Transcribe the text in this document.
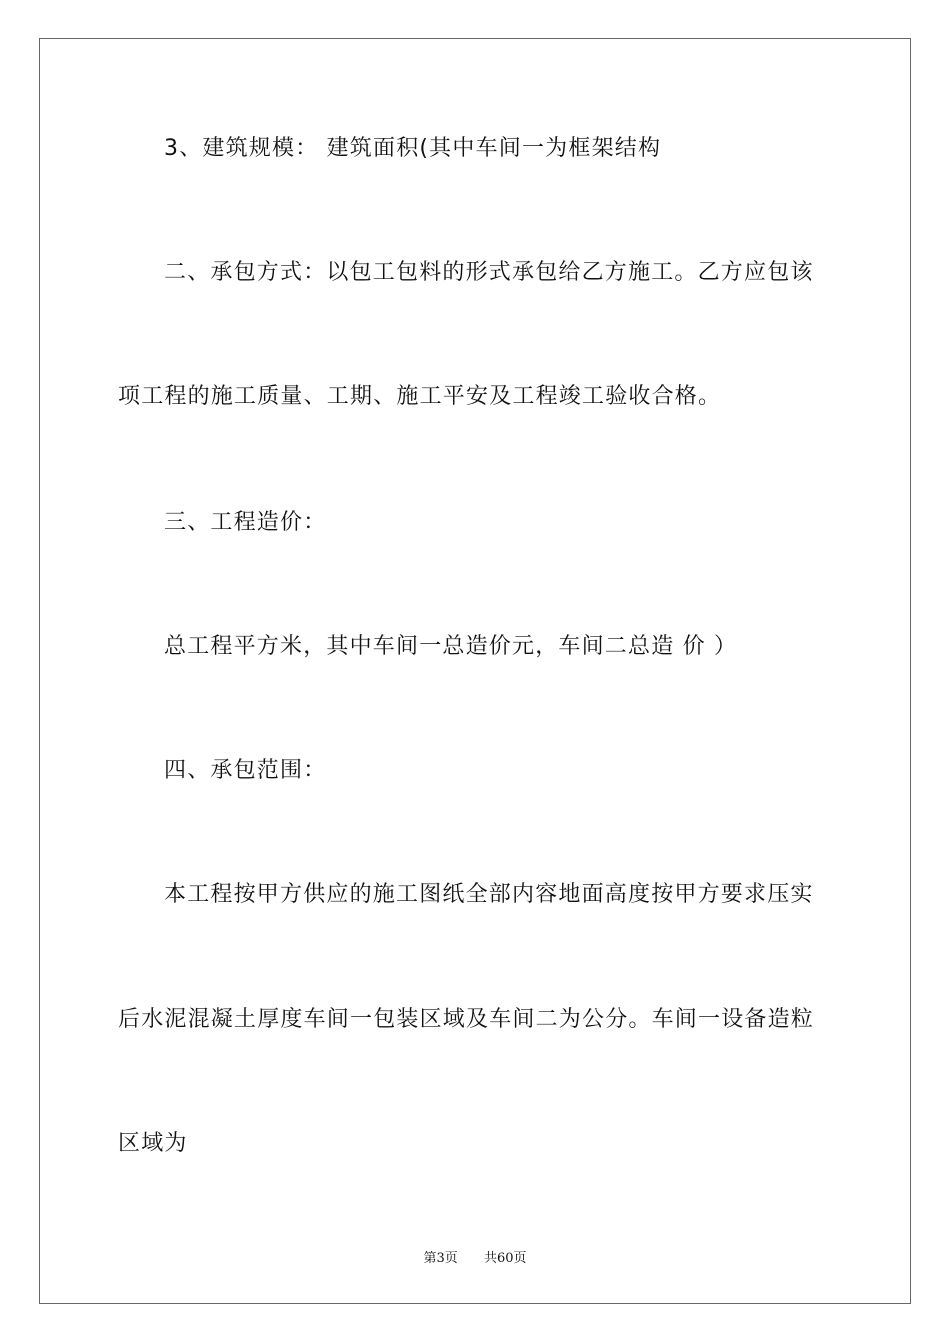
3、建筑规模： 建筑面积(其中车间一为框架结构
二、承包方式：以包工包料的形式承包给乙方施工。乙方应包该
项工程的施工质量、工期、施工平安及工程竣工验收合格。
三、工程造价：
总工程平方米，其中车间一总造价元，车间二总造 价 ）
四、承包范围：
本工程按甲方供应的施工图纸全部内容地面高度按甲方要求压实
后水泥混凝土厚度车间一包装区域及车间二为公分。车间一设备造粒
区域为
第3页 共60页
